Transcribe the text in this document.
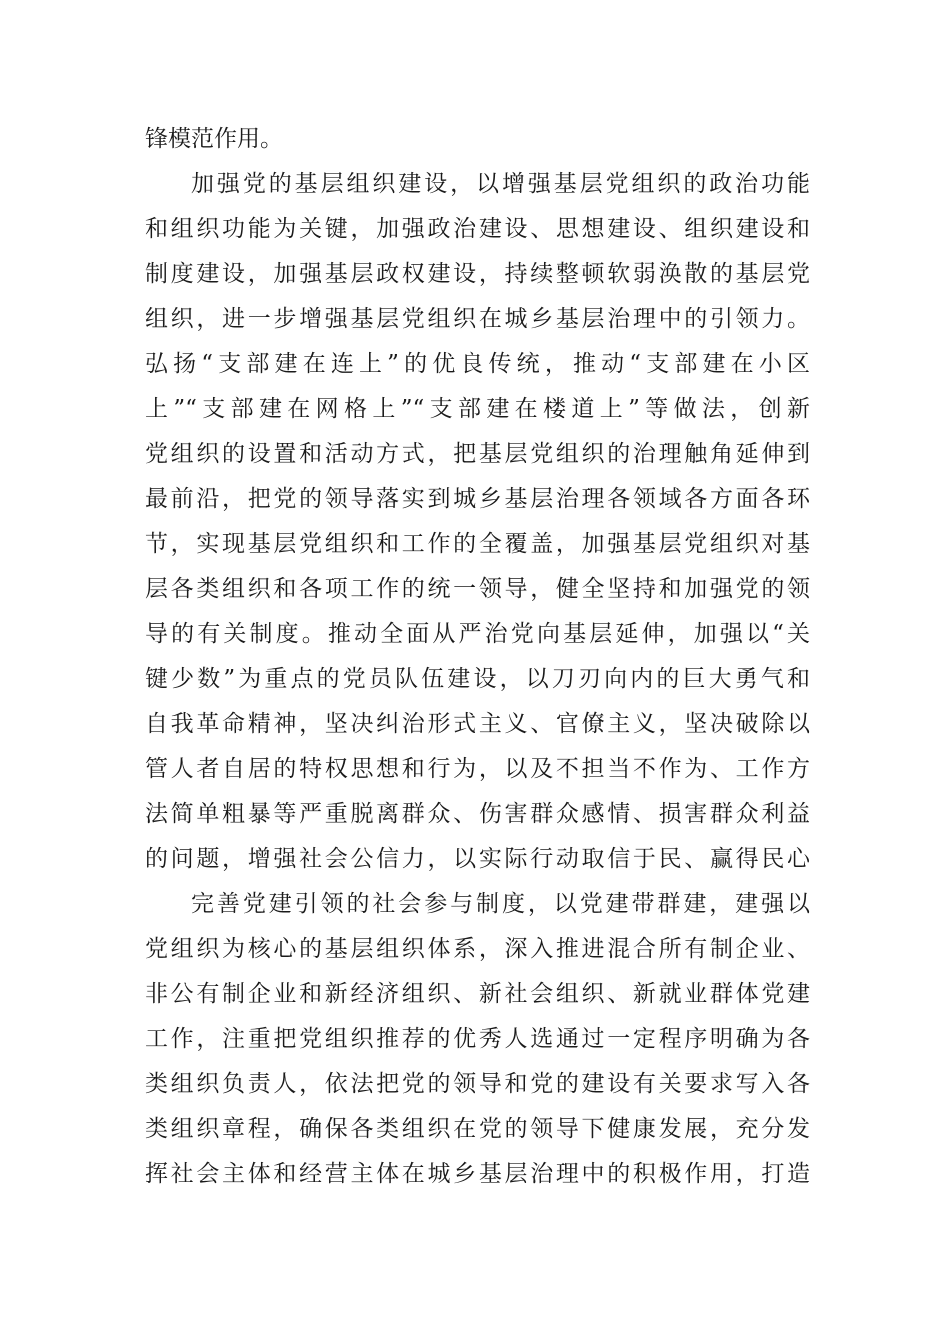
锋模范作用。
加强党的基层组织建设，以增强基层党组织的政治功能
和组织功能为关键，加强政治建设、思想建设、组织建设和
制度建设，加强基层政权建设，持续整顿软弱涣散的基层党
组织，进一步增强基层党组织在城乡基层治理中的引领力。
弘扬“支部建在连上”的优良传统，推动“支部建在小区
上”“支部建在网格上”“支部建在楼道上”等做法，创新
党组织的设置和活动方式，把基层党组织的治理触角延伸到
最前沿，把党的领导落实到城乡基层治理各领域各方面各环
节，实现基层党组织和工作的全覆盖，加强基层党组织对基
层各类组织和各项工作的统一领导，健全坚持和加强党的领
导的有关制度。推动全面从严治党向基层延伸，加强以“关
键少数”为重点的党员队伍建设，以刀刃向内的巨大勇气和
自我革命精神，坚决纠治形式主义、官僚主义，坚决破除以
管人者自居的特权思想和行为，以及不担当不作为、工作方
法简单粗暴等严重脱离群众、伤害群众感情、损害群众利益
的问题，增强社会公信力，以实际行动取信于民、赢得民心
完善党建引领的社会参与制度，以党建带群建，建强以
党组织为核心的基层组织体系，深入推进混合所有制企业、
非公有制企业和新经济组织、新社会组织、新就业群体党建
工作，注重把党组织推荐的优秀人选通过一定程序明确为各
类组织负责人，依法把党的领导和党的建设有关要求写入各
类组织章程，确保各类组织在党的领导下健康发展，充分发
挥社会主体和经营主体在城乡基层治理中的积极作用，打造
